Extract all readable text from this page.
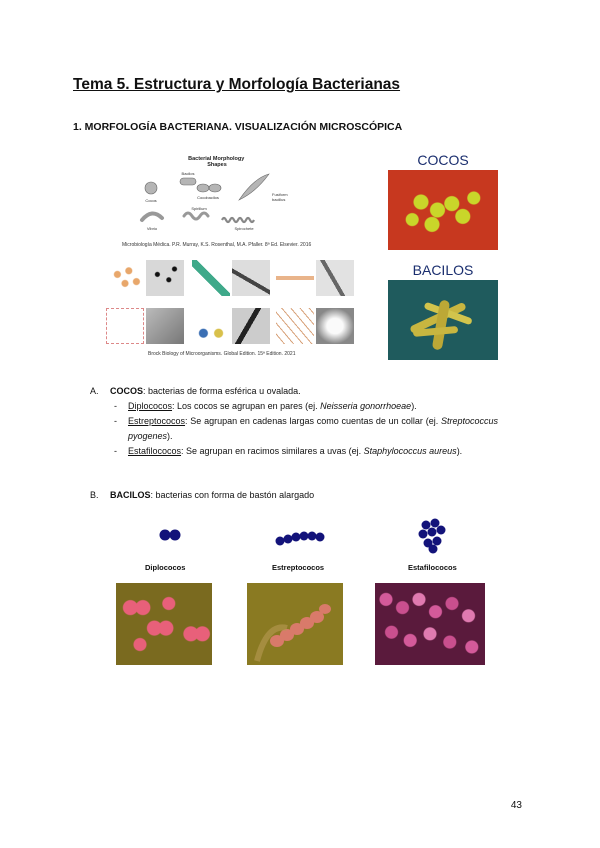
Tema 5. Estructura y Morfología Bacterianas
1. MORFOLOGÍA BACTERIANA. VISUALIZACIÓN MICROSCÓPICA
Bacterial Morphology Shapes
Cocos
Bacilos
Cocobacilos
Fusiform
bacillus
Vibrio
Spirillum
Spirochete
Microbiología Médica. P.R. Murray, K.S. Rosenthal, M.A. Pfaller. 8ª Ed. Elsevier. 2016
Brock Biology of Microorganisms. Global Edition. 15ª Edition. 2021
COCOS
BACILOS
A.	COCOS: bacterias de forma esférica u ovalada.
- Diplococos: Los cocos se agrupan en pares (ej. Neisseria gonorrhoeae).
- Estreptococos: Se agrupan en cadenas largas como cuentas de un collar (ej. Streptococcus pyogenes).
- Estafilococos: Se agrupan en racimos similares a uvas (ej. Staphylococcus aureus).
B. BACILOS: bacterias con forma de bastón alargado
Diplococos	Estreptococos	Estafilococos
43
